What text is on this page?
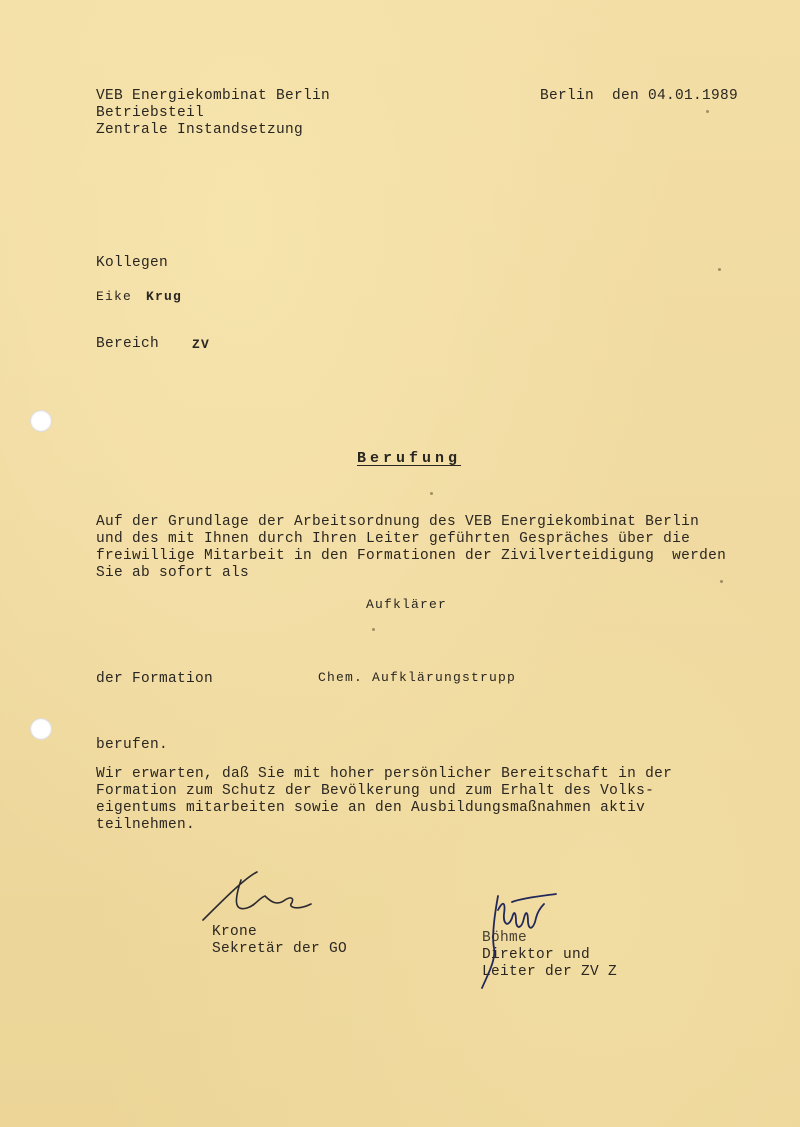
VEB Energiekombinat Berlin
Betriebsteil
Zentrale Instandsetzung
Berlin  den 04.01.1989
Kollegen
Eike Krug
Bereich	ZV
Berufung
Auf der Grundlage der Arbeitsordnung des VEB Energiekombinat Berlin
und des mit Ihnen durch Ihren Leiter geführten Gespräches über die
freiwillige Mitarbeit in den Formationen der Zivilverteidigung  werden
Sie ab sofort als
Aufklärer
der Formation	Chem. Aufklärungstrupp
berufen.
Wir erwarten, daß Sie mit hoher persönlicher Bereitschaft in der
Formation zum Schutz der Bevölkerung und zum Erhalt des Volks-
eigentums mitarbeiten sowie an den Ausbildungsmaßnahmen aktiv
teilnehmen.
Krone
Sekretär der GO
Böhme
Direktor und
Leiter der ZV Z
